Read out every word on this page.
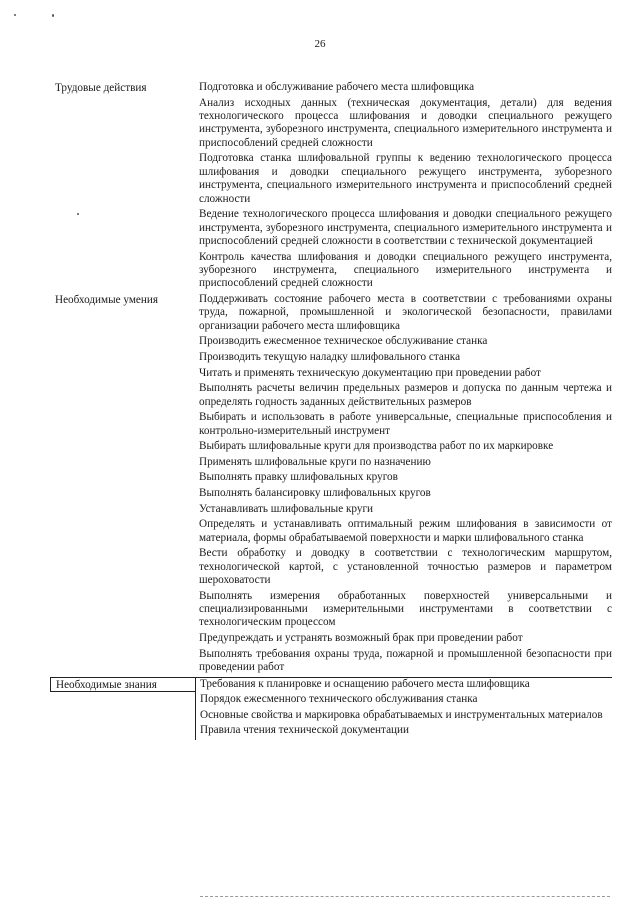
26
Трудовые действия	Подготовка и обслуживание рабочего места шлифовщика
Анализ исходных данных (техническая документация, детали) для ведения технологического процесса шлифования и доводки специального режущего инструмента, зуборезного инструмента, специального измерительного инструмента и приспособлений средней сложности
Подготовка станка шлифовальной группы к ведению технологического процесса шлифования и доводки специального режущего инструмента, зуборезного инструмента, специального измерительного инструмента и приспособлений средней сложности
Ведение технологического процесса шлифования и доводки специального режущего инструмента, зуборезного инструмента, специального измерительного инструмента и приспособлений средней сложности в соответствии с технической документацией
Контроль качества шлифования и доводки специального режущего инструмента, зуборезного инструмента, специального измерительного инструмента и приспособлений средней сложности
Необходимые умения	Поддерживать состояние рабочего места в соответствии с требованиями охраны труда, пожарной, промышленной и экологической безопасности, правилами организации рабочего места шлифовщика
Производить ежесменное техническое обслуживание станка
Производить текущую наладку шлифовального станка
Читать и применять техническую документацию при проведении работ
Выполнять расчеты величин предельных размеров и допуска по данным чертежа и определять годность заданных действительных размеров
Выбирать и использовать в работе универсальные, специальные приспособления и контрольно-измерительный инструмент
Выбирать шлифовальные круги для производства работ по их маркировке
Применять шлифовальные круги по назначению
Выполнять правку шлифовальных кругов
Выполнять балансировку шлифовальных кругов
Устанавливать шлифовальные круги
Определять и устанавливать оптимальный режим шлифования в зависимости от материала, формы обрабатываемой поверхности и марки шлифовального станка
Вести обработку и доводку в соответствии с технологическим маршрутом, технологической картой, с установленной точностью размеров и параметром шероховатости
Выполнять измерения обработанных поверхностей универсальными и специализированными измерительными инструментами в соответствии с технологическим процессом
Предупреждать и устранять возможный брак при проведении работ
Выполнять требования охраны труда, пожарной и промышленной безопасности при проведении работ
Необходимые знания	Требования к планировке и оснащению рабочего места шлифовщика
Порядок ежесменного технического обслуживания станка
Основные свойства и маркировка обрабатываемых и инструментальных материалов
Правила чтения технической документации
